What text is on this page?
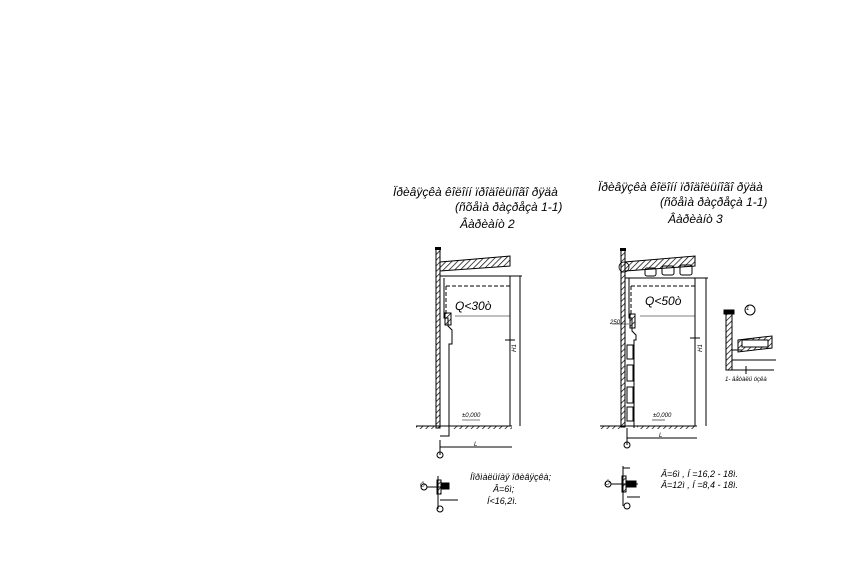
Ïðèâÿçêà êîëîíí ïðîäîëüíîãî ðÿäà
(ñõåìà ðàçðåçà 1-1)
Âàðèàíò 2
Ïðèâÿçêà êîëîíí ïðîäîëüíîãî ðÿäà
(ñõåìà ðàçðåçà 1-1)
Âàðèàíò 3
Q<30ò	Q<50ò
±0,000	±0,000
L
L
H1	H1
250
1
1- äåòàëü óçëà
Íîðìàëüíàÿ ïðèâÿçêà;
Â=6ì;
Í<16,2ì.
Â=6ì , Í =16,2 - 18ì.
Â=12ì , Í =8,4 - 18ì.
Ö	Ö
